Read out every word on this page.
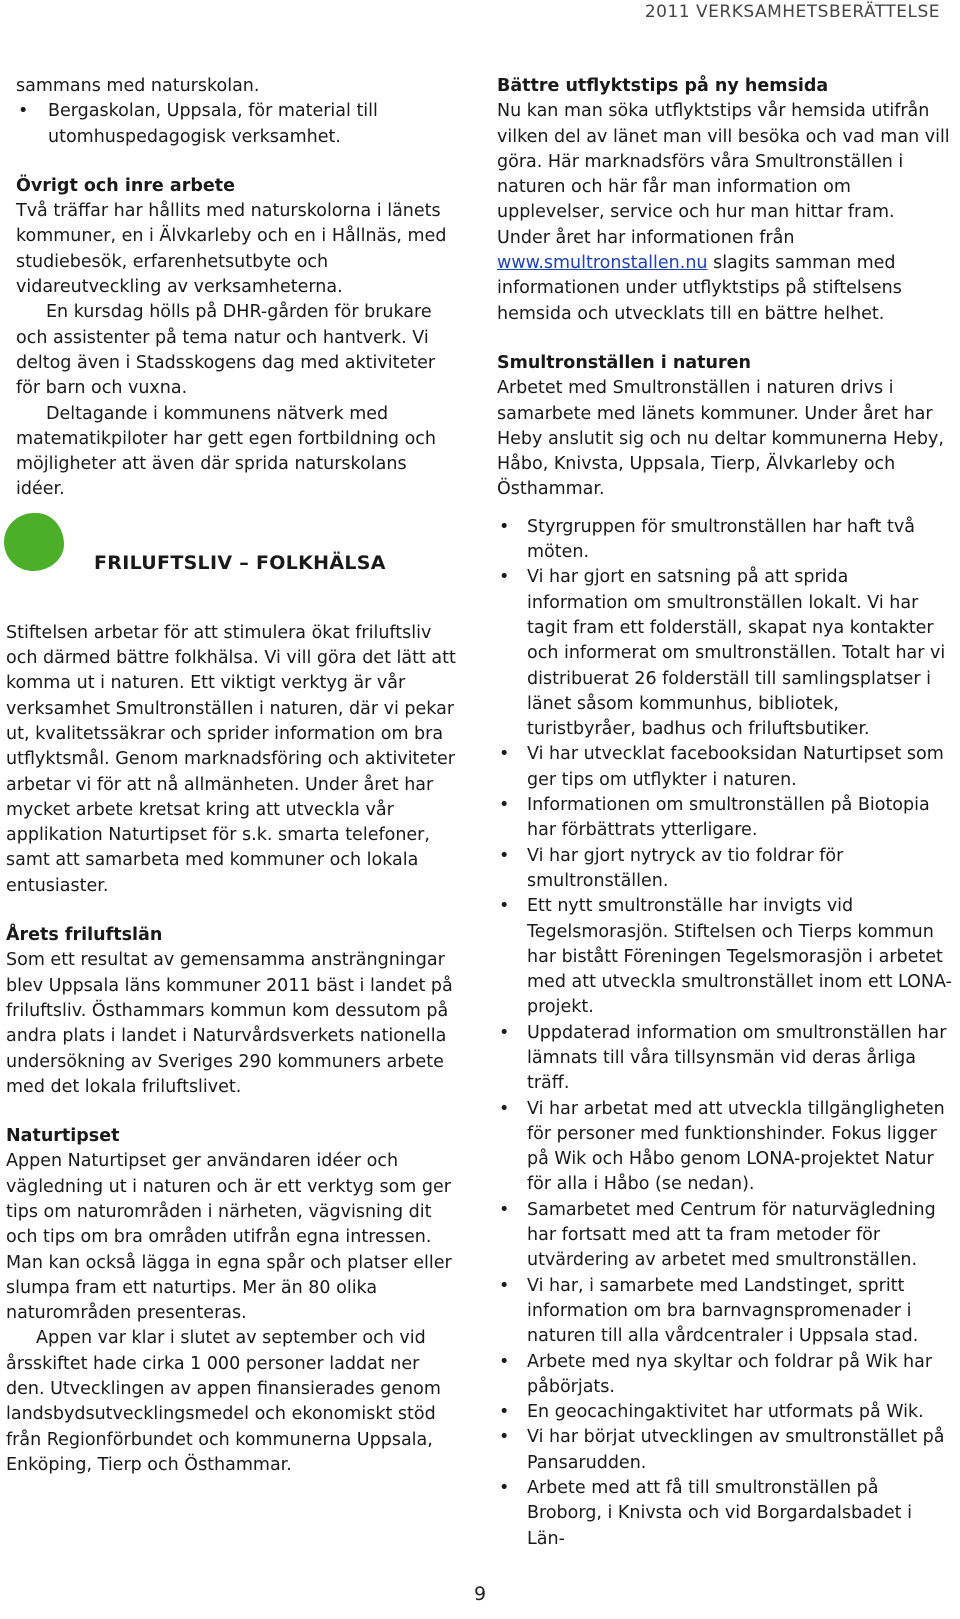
2011 VERKSAMHETSBERÄTTELSE

sammans med naturskolan.

• Bergaskolan, Uppsala, för material till utomhuspedagogisk verksamhet.

Övrigt och inre arbete

Två träffar har hållits med naturskolorna i länets kommuner, en i Älvkarleby och en i Hållnäs, med studiebesök, erfarenhetsutbyte och vidareutveckling av verksamheterna.

En kursdag hölls på DHR-gården för brukare och assistenter på tema natur och hantverk. Vi deltog även i Stadsskogens dag med aktiviteter för barn och vuxna.

Deltagande i kommunens nätverk med matematikpiloter har gett egen fortbildning och möjligheter att även där sprida naturskolans idéer.

FRILUFTSLIV – FOLKHÄLSA

Stiftelsen arbetar för att stimulera ökat friluftsliv och därmed bättre folkhälsa. Vi vill göra det lätt att komma ut i naturen. Ett viktigt verktyg är vår verksamhet Smultronställen i naturen, där vi pekar ut, kvalitetssäkrar och sprider information om bra utflyktsmål. Genom marknadsföring och aktiviteter arbetar vi för att nå allmänheten. Under året har mycket arbete kretsat kring att utveckla vår applikation Naturtipset för s.k. smarta telefoner, samt att samarbeta med kommuner och lokala entusiaster.

Årets friluftslän

Som ett resultat av gemensamma ansträngningar blev Uppsala läns kommuner 2011 bäst i landet på friluftsliv. Östhammars kommun kom dessutom på andra plats i landet i Naturvårdsverkets nationella undersökning av Sveriges 290 kommuners arbete med det lokala friluftslivet.

Naturtipset

Appen Naturtipset ger användaren idéer och vägledning ut i naturen och är ett verktyg som ger tips om naturområden i närheten, vägvisning dit och tips om bra områden utifrån egna intressen. Man kan också lägga in egna spår och platser eller slumpa fram ett naturtips. Mer än 80 olika naturområden presenteras.

Appen var klar i slutet av september och vid årsskiftet hade cirka 1 000 personer laddat ner den. Utvecklingen av appen finansierades genom landsbydsutvecklingsmedel och ekonomiskt stöd från Regionförbundet och kommunerna Uppsala, Enköping, Tierp och Östhammar.

Bättre utflyktstips på ny hemsida

Nu kan man söka utflyktstips vår hemsida utifrån vilken del av länet man vill besöka och vad man vill göra. Här marknadsförs våra Smultronställen i naturen och här får man information om upplevelser, service och hur man hittar fram. Under året har informationen från www.smultronstallen.nu slagits samman med informationen under utflyktstips på stiftelsens hemsida och utvecklats till en bättre helhet.

Smultronställen i naturen

Arbetet med Smultronställen i naturen drivs i samarbete med länets kommuner. Under året har Heby anslutit sig och nu deltar kommunerna Heby, Håbo, Knivsta, Uppsala, Tierp, Älvkarleby och Östhammar.

• Styrgruppen för smultronställen har haft två möten.
• Vi har gjort en satsning på att sprida information om smultronställen lokalt. Vi har tagit fram ett folderställ, skapat nya kontakter och informerat om smultronställen. Totalt har vi distribuerat 26 folderställ till samlingsplatser i länet såsom kommunhus, bibliotek, turistbyråer, badhus och friluftsbutiker.
• Vi har utvecklat facebooksidan Naturtipset som ger tips om utflykter i naturen.
• Informationen om smultronställen på Biotopia har förbättrats ytterligare.
• Vi har gjort nytryck av tio foldrar för smultronställen.
• Ett nytt smultronställe har invigts vid Tegelsmorasjön. Stiftelsen och Tierps kommun har bistått Föreningen Tegelsmorasjön i arbetet med att utveckla smultronstället inom ett LONA-projekt.
• Uppdaterad information om smultronställen har lämnats till våra tillsynsmän vid deras årliga träff.
• Vi har arbetat med att utveckla tillgängligheten för personer med funktionshinder. Fokus ligger på Wik och Håbo genom LONA-projektet Natur för alla i Håbo (se nedan).
• Samarbetet med Centrum för naturvägledning har fortsatt med att ta fram metoder för utvärdering av arbetet med smultronställen.
• Vi har, i samarbete med Landstinget, spritt information om bra barnvagnspromenader i naturen till alla vårdcentraler i Uppsala stad.
• Arbete med nya skyltar och foldrar på Wik har påbörjats.
• En geocachingaktivitet har utformats på Wik.
• Vi har börjat utvecklingen av smultronstället på Pansarudden.
• Arbete med att få till smultronställen på Broborg, i Knivsta och vid Borgardalsbadet i Län-
9
